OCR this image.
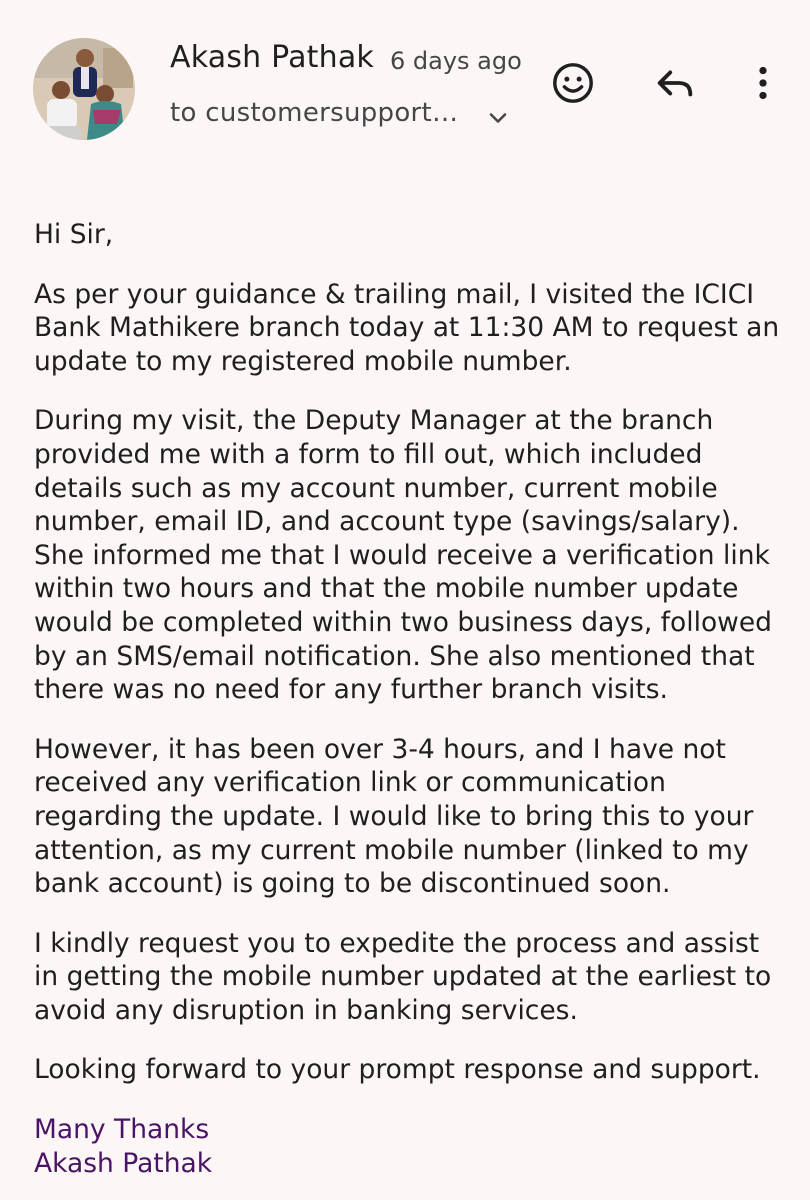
Akash Pathak 6 days ago
to customersupport…

Hi Sir,

As per your guidance & trailing mail, I visited the ICICI Bank Mathikere branch today at 11:30 AM to request an update to my registered mobile number.

During my visit, the Deputy Manager at the branch provided me with a form to fill out, which included details such as my account number, current mobile number, email ID, and account type (savings/salary). She informed me that I would receive a verification link within two hours and that the mobile number update would be completed within two business days, followed by an SMS/email notification. She also mentioned that there was no need for any further branch visits.

However, it has been over 3-4 hours, and I have not received any verification link or communication regarding the update. I would like to bring this to your attention, as my current mobile number (linked to my bank account) is going to be discontinued soon.

I kindly request you to expedite the process and assist in getting the mobile number updated at the earliest to avoid any disruption in banking services.

Looking forward to your prompt response and support.

Many Thanks
Akash Pathak
